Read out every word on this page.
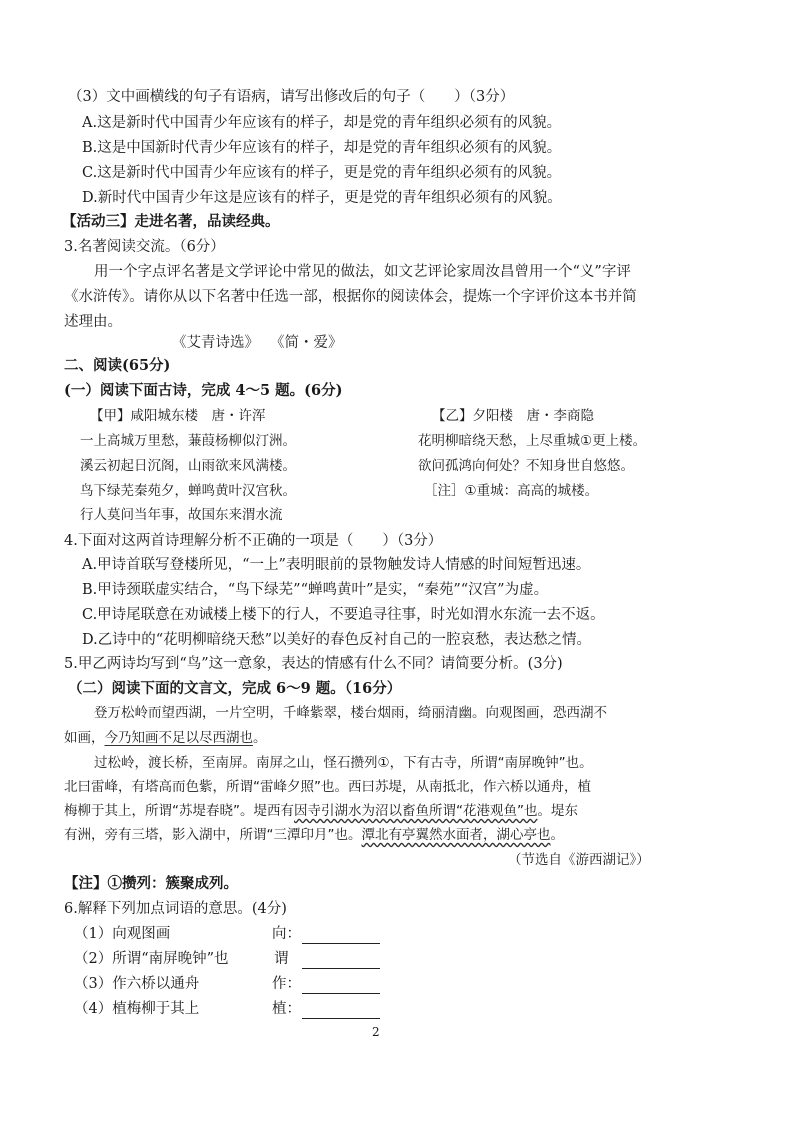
（3）文中画横线的句子有语病，请写出修改后的句子（　　）（3分）
A.这是新时代中国青少年应该有的样子，却是党的青年组织必须有的风貌。
B.这是中国新时代青少年应该有的样子，却是党的青年组织必须有的风貌。
C.这是新时代中国青少年应该有的样子，更是党的青年组织必须有的风貌。
D.新时代中国青少年这是应该有的样子，更是党的青年组织必须有的风貌。
【活动三】走进名著，品读经典。
3.名著阅读交流。（6分）
用一个字点评名著是文学评论中常见的做法，如文艺评论家周汝昌曾用一个“义”字评
《水浒传》。请你从以下名著中任选一部，根据你的阅读体会，提炼一个字评价这本书并简
述理由。
《艾青诗选》 《简・爱》
二、阅读(65分)
(一）阅读下面古诗，完成 4～5 题。(6分)
【甲】咸阳城东楼　唐・许浑
一上高城万里愁，蒹葭杨柳似汀洲。
溪云初起日沉阁，山雨欲来风满楼。
鸟下绿芜秦苑夕，蝉鸣黄叶汉宫秋。
行人莫问当年事，故国东来渭水流
【乙】夕阳楼　唐・李商隐
花明柳暗绕天愁，上尽重城①更上楼。
欲问孤鸿向何处？不知身世自悠悠。
［注］①重城：高高的城楼。
4.下面对这两首诗理解分析不正确的一项是（　　）（3分）
A.甲诗首联写登楼所见，“一上”表明眼前的景物触发诗人情感的时间短暂迅速。
B.甲诗颈联虚实结合，“鸟下绿芜”“蝉鸣黄叶”是实，“秦苑”“汉宫”为虚。
C.甲诗尾联意在劝诫楼上楼下的行人，不要追寻往事，时光如渭水东流一去不返。
D.乙诗中的“花明柳暗绕天愁”以美好的春色反衬自己的一腔哀愁，表达愁之情。
5.甲乙两诗均写到“鸟”这一意象，表达的情感有什么不同？请简要分析。(3分)
（二）阅读下面的文言文，完成 6～9 题。（16分）
登万松岭而望西湖，一片空明，千峰紫翠，楼台烟雨，绮丽清幽。向观图画，恐西湖不
如画，今乃知画不足以尽西湖也。
过松岭，渡长桥，至南屏。南屏之山，怪石攒列①，下有古寺，所谓“南屏晚钟”也。
北曰雷峰，有塔高而色紫，所谓“雷峰夕照”也。西曰苏堤，从南抵北，作六桥以通舟，植
梅柳于其上，所谓“苏堤春晓”。堤西有因寺引湖水为沼以畜鱼所谓“花港观鱼”也。堤东
有洲，旁有三塔，影入湖中，所谓“三潭印月”也。潭北有亭翼然水面者，湖心亭也。
（节选自《游西湖记》）
【注】①攒列：簇聚成列。
6.解释下列加点词语的意思。(4分)
（1）向观图画	向：
（2）所谓“南屏晚钟”也	谓
（3）作六桥以通舟	作：
（4）植梅柳于其上	植：
2
